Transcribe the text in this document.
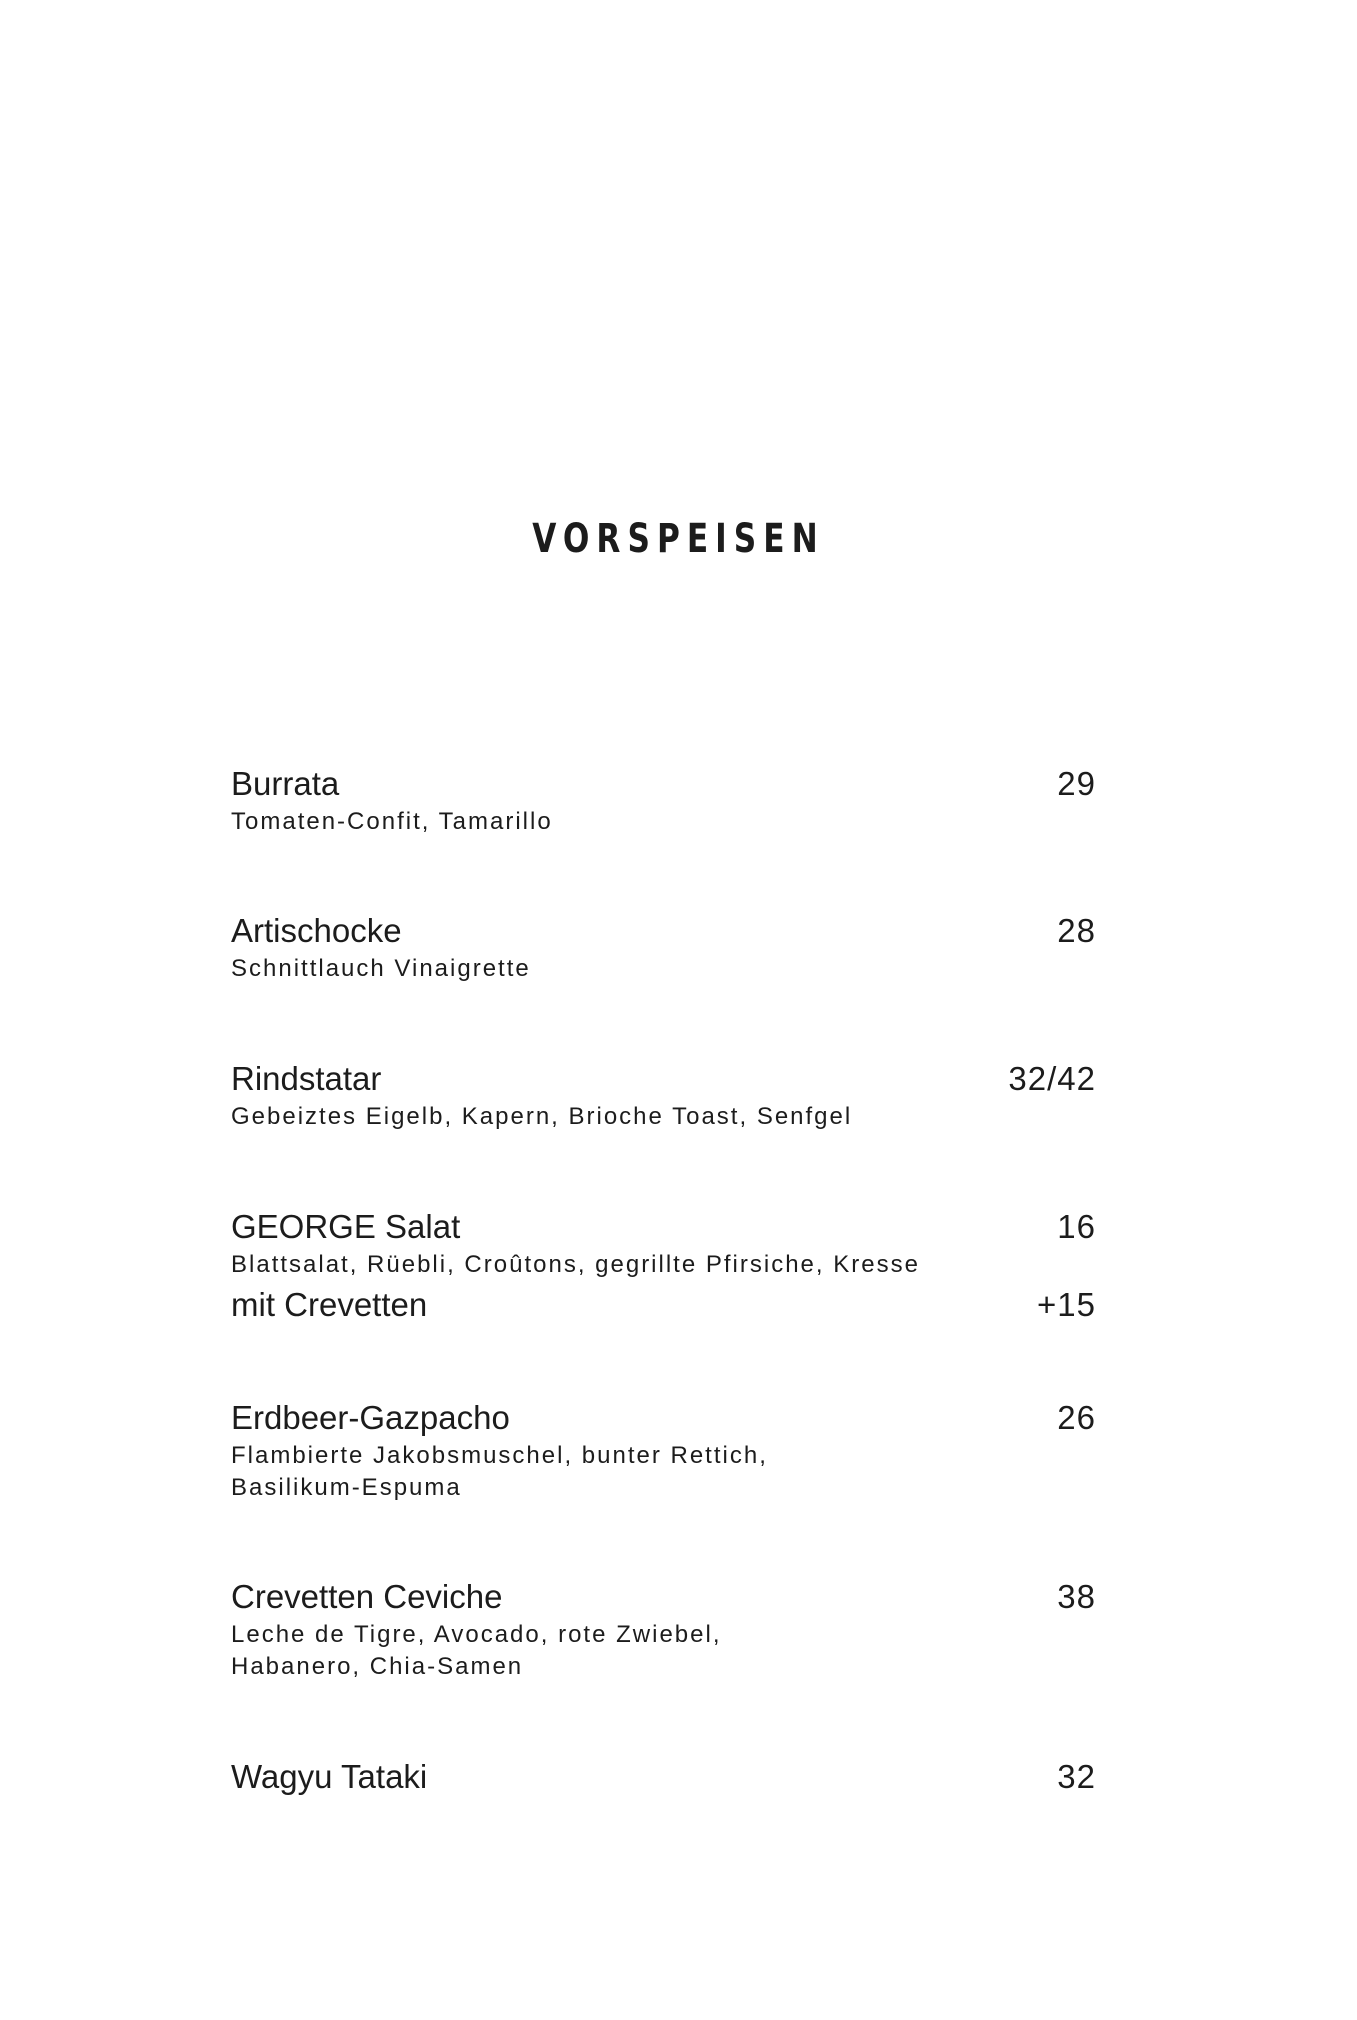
VORSPEISEN
Burrata	29
Tomaten-Confit, Tamarillo
Artischocke	28
Schnittlauch Vinaigrette
Rindstatar	32/42
Gebeiztes Eigelb, Kapern, Brioche Toast, Senfgel
GEORGE Salat	16
Blattsalat, Rüebli, Croûtons, gegrillte Pfirsiche, Kresse
mit Crevetten	+15
Erdbeer-Gazpacho	26
Flambierte Jakobsmuschel, bunter Rettich,
Basilikum-Espuma
Crevetten Ceviche	38
Leche de Tigre, Avocado, rote Zwiebel,
Habanero, Chia-Samen
Wagyu Tataki	32
